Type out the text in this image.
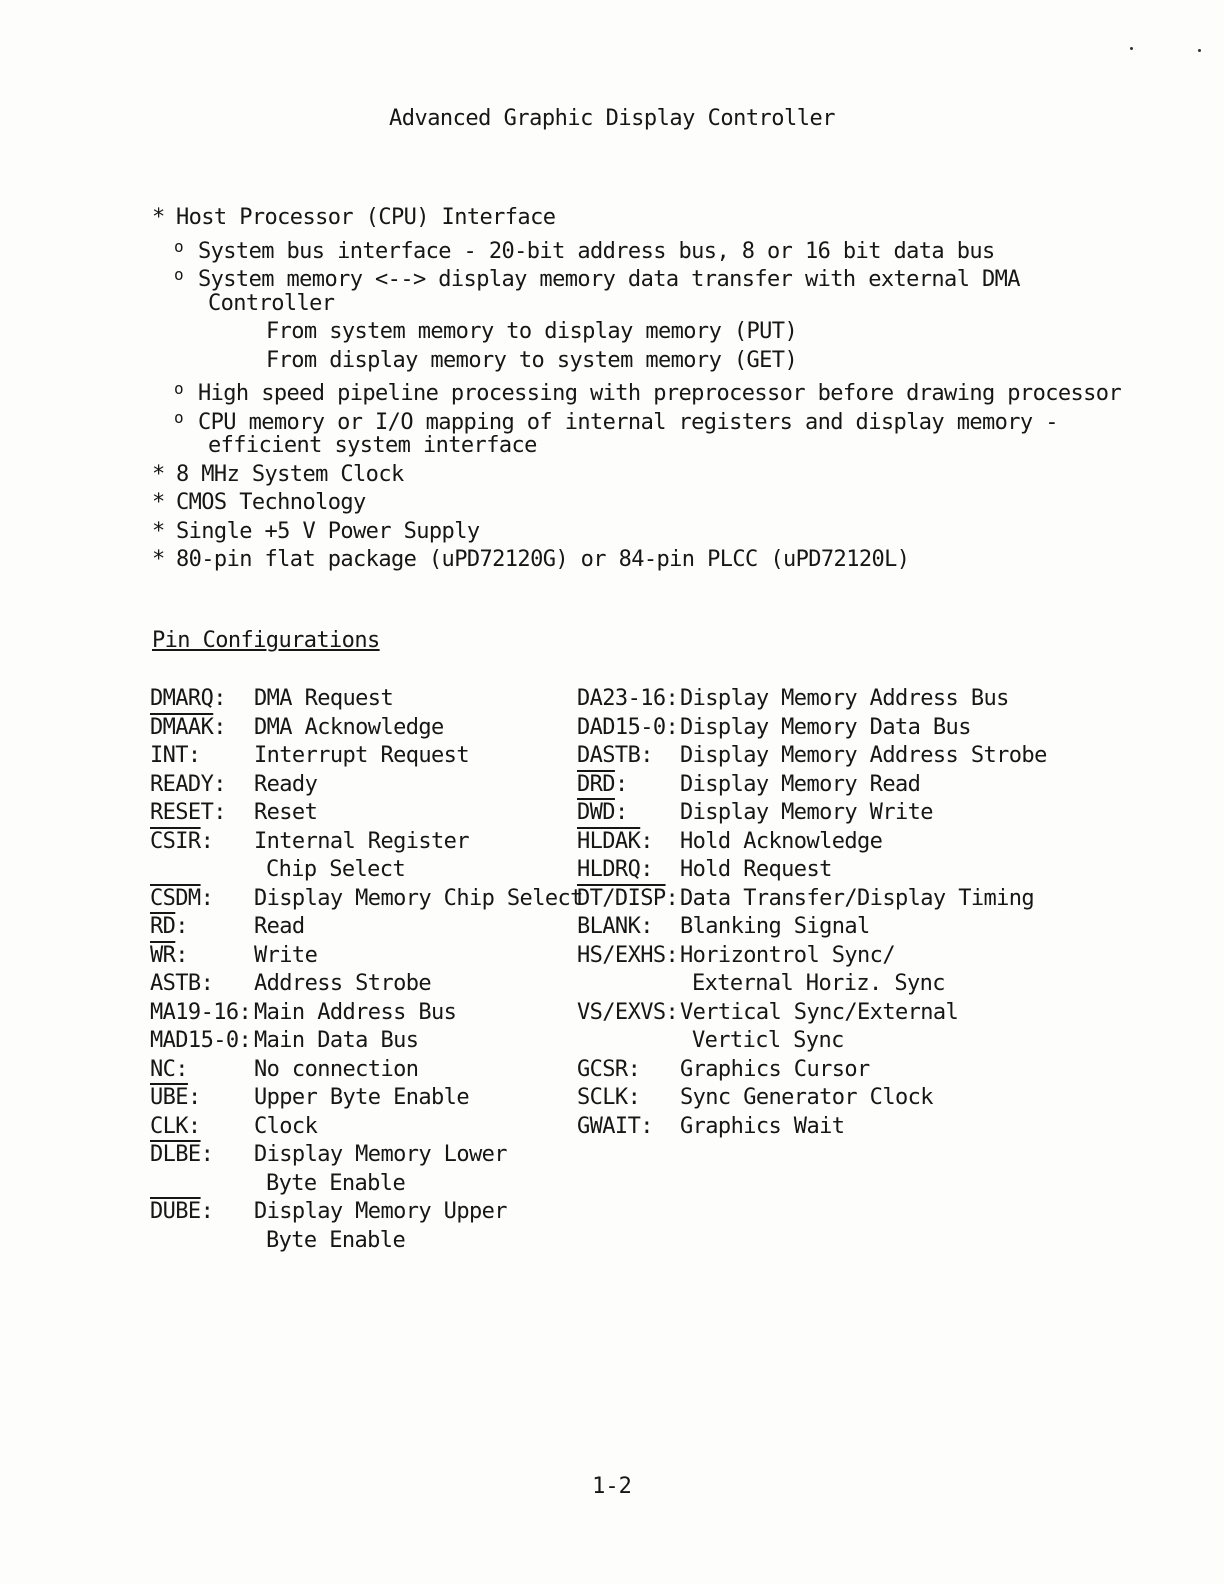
Advanced Graphic Display Controller
* Host Processor (CPU) Interface
o System bus interface - 20-bit address bus, 8 or 16 bit data bus
o System memory <--> display memory data transfer with external DMA
Controller
From system memory to display memory (PUT)
From display memory to system memory (GET)
o High speed pipeline processing with preprocessor before drawing processor
o CPU memory or I/O mapping of internal registers and display memory -
efficient system interface
* 8 MHz System Clock
* CMOS Technology
* Single +5 V Power Supply
* 80-pin flat package (uPD72120G) or 84-pin PLCC (uPD72120L)
Pin Configurations
DMARQ:	DMA Request
DMAAK:	DMA Acknowledge
INT:	Interrupt Request
READY:	Ready
RESET:	Reset
CSIR:	Internal Register
Chip Select
CSDM:	Display Memory Chip Select
$\overline{RD}$:	Read
$\overline{WR}$:	Write
ASTB:	Address Strobe
MA19-16: Main Address Bus
MAD15-0: Main Data Bus
NC:	No connection
$\overline{UBE}$:	Upper Byte Enable
CLK:	Clock
DLBE:	Display Memory Lower
Byte Enable
DUBE:	Display Memory Upper
Byte Enable
DA23-16: Display Memory Address Bus
DAD15-0: Display Memory Data Bus
DASTB:	Display Memory Address Strobe
$\overline{DRD}$:	Display Memory Read
$\overline{DWD}$:	Display Memory Write
HLDAK:	Hold Acknowledge
HLDRQ:	Hold Request
DT/DISP: Data Transfer/Display Timing
BLANK:	Blanking Signal
HS/EXHS: Horizontrol Sync/
External Horiz. Sync
VS/EXVS: Vertical Sync/External
Verticl Sync
GCSR:	Graphics Cursor
SCLK:	Sync Generator Clock
GWAIT:	Graphics Wait
1-2
